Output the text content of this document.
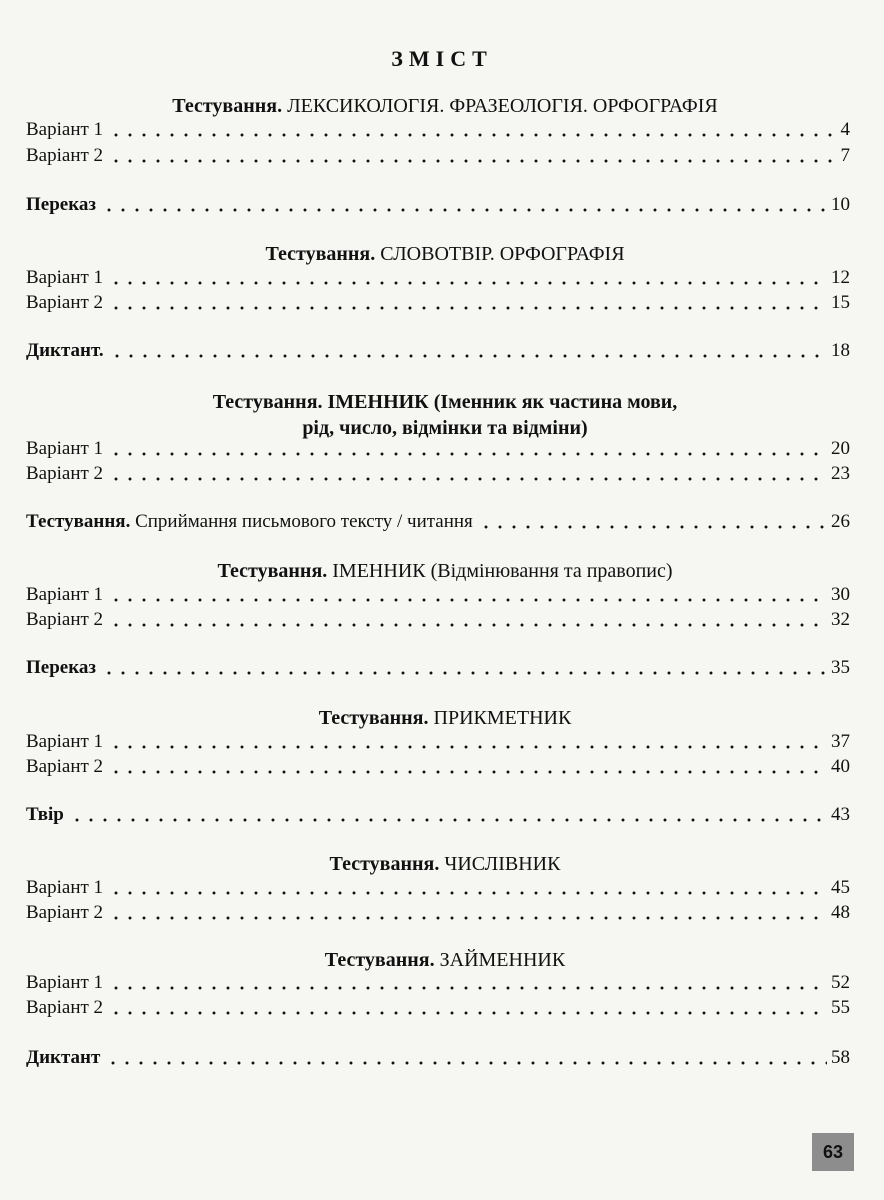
ЗМІСТ
Тестування. ЛЕКСИКОЛОГІЯ. ФРАЗЕОЛОГІЯ. ОРФОГРАФІЯ
Варіант 1	4
Варіант 2	7
Переказ	10
Тестування. СЛОВОТВІР. ОРФОГРАФІЯ
Варіант 1	12
Варіант 2	15
Диктант.	18
Тестування. ІМЕННИК (Іменник як частина мови,
рід, число, відмінки та відміни)
Варіант 1	20
Варіант 2	23
Тестування. Сприймання письмового тексту / читання	26
Тестування. ІМЕННИК (Відмінювання та правопис)
Варіант 1	30
Варіант 2	32
Переказ	35
Тестування. ПРИКМЕТНИК
Варіант 1	37
Варіант 2	40
Твір	43
Тестування. ЧИСЛІВНИК
Варіант 1	45
Варіант 2	48
Тестування. ЗАЙМЕННИК
Варіант 1	52
Варіант 2	55
Диктант	58
63
